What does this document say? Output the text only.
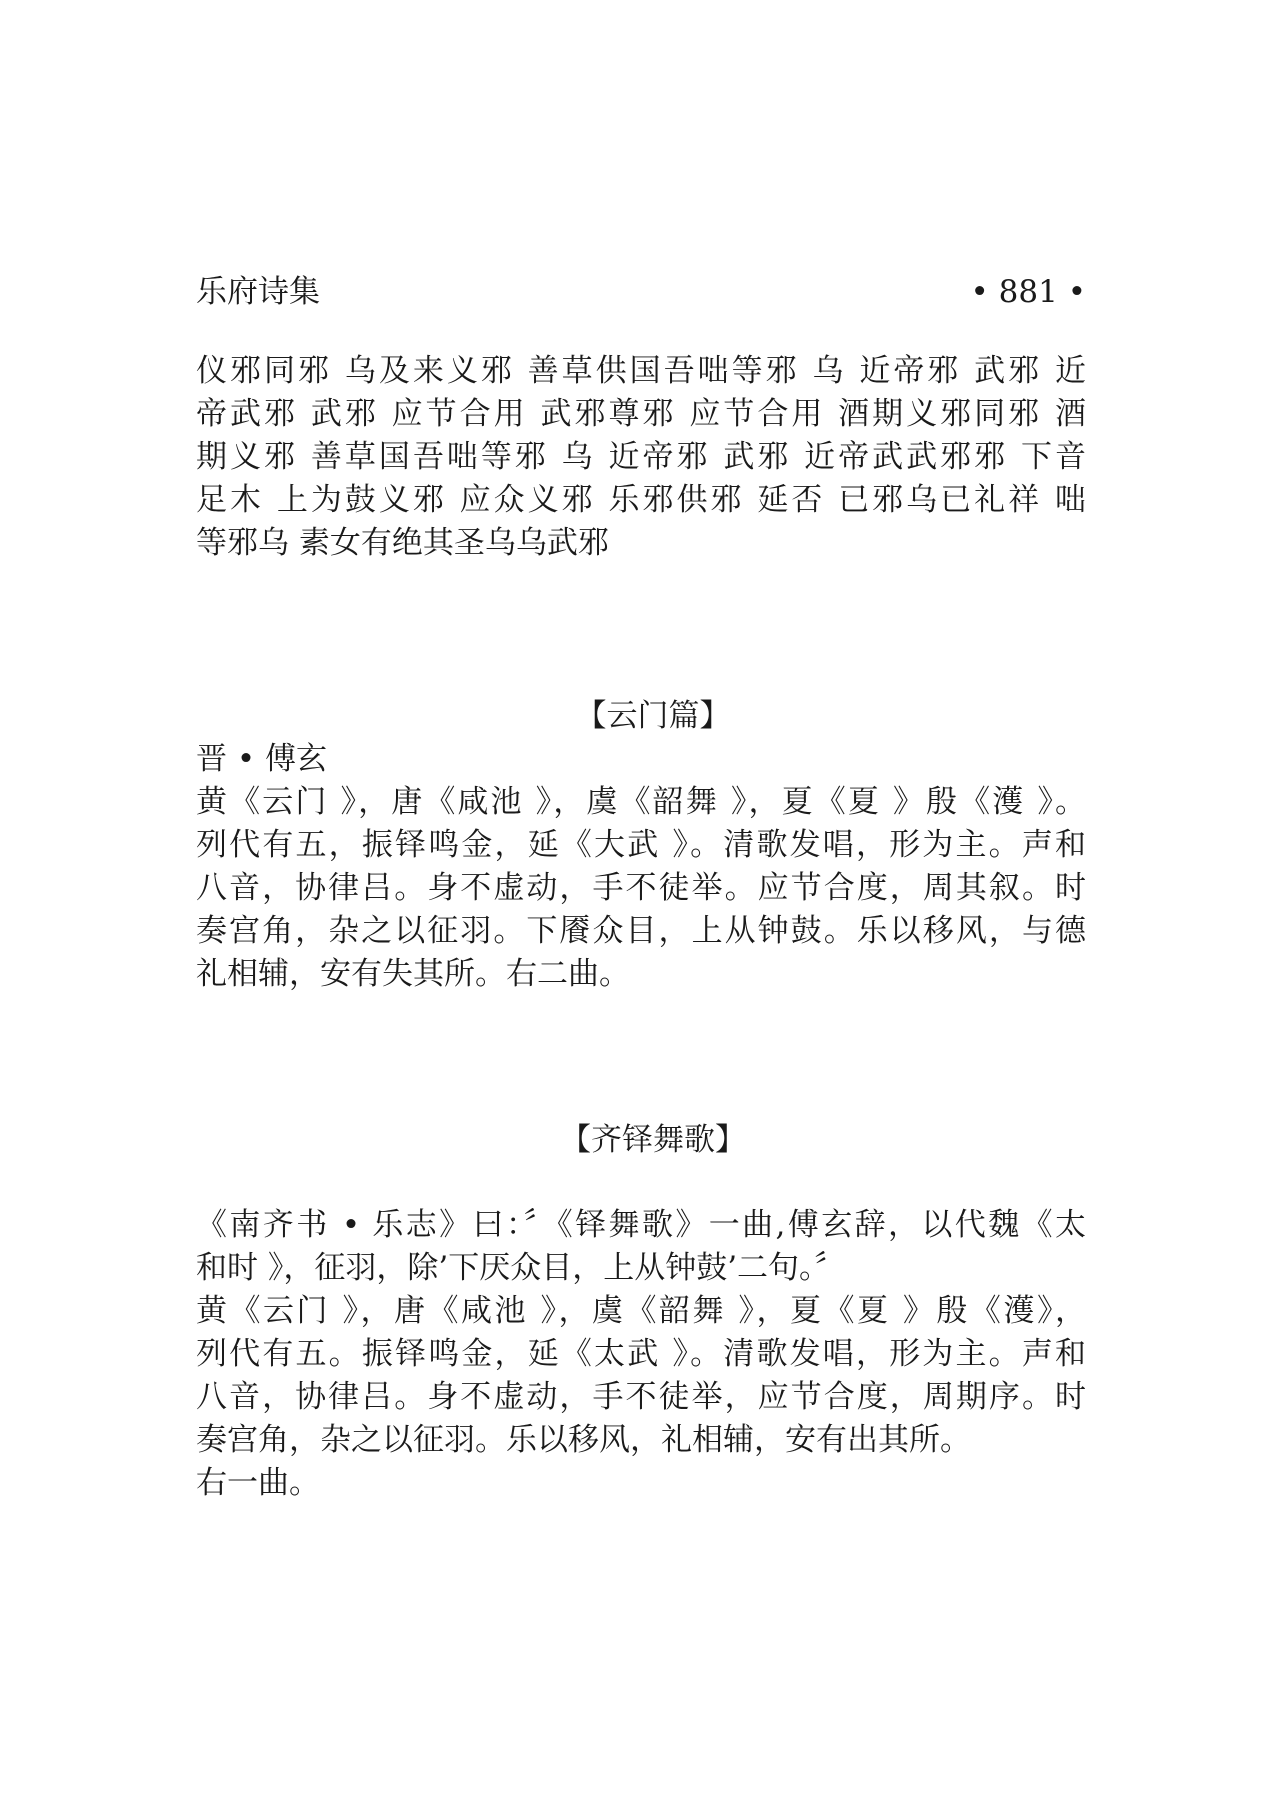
乐府诗集	• 881 •
仪邪同邪 乌及来义邪 善草供国吾咄等邪 乌 近帝邪 武邪 近
帝武邪 武邪 应节合用 武邪尊邪 应节合用 酒期义邪同邪 酒
期义邪 善草国吾咄等邪 乌 近帝邪 武邪 近帝武武邪邪 下音
足木 上为鼓义邪 应众义邪 乐邪供邪 延否 已邪乌已礼祥 咄
等邪乌 素女有绝其圣乌乌武邪
【云门篇】
晋 • 傅玄
黄《云门 》，唐《咸池 》，虞《韶舞 》，夏《夏 》殷《濩 》。
列代有五，振铎鸣金，延《大武 》。清歌发唱，形为主。声和
八音，协律吕。身不虚动，手不徒举。应节合度，周其叙。时
奏宫角，杂之以征羽。下餍众目，上从钟鼓。乐以移风，与德
礼相辅，安有失其所。右二曲。
【齐铎舞歌】
《南齐书 • 乐志》曰：〞《铎舞歌》一曲,傅玄辞，以代魏《太
和时 》，征羽，除’下厌众目，上从钟鼓’二句。〞
黄《云门 》，唐《咸池 》，虞《韶舞 》，夏《夏 》殷《濩》，
列代有五。振铎鸣金，延《太武 》。清歌发唱，形为主。声和
八音，协律吕。身不虚动，手不徒举，应节合度，周期序。时
奏宫角，杂之以征羽。乐以移风，礼相辅，安有出其所。
右一曲。
